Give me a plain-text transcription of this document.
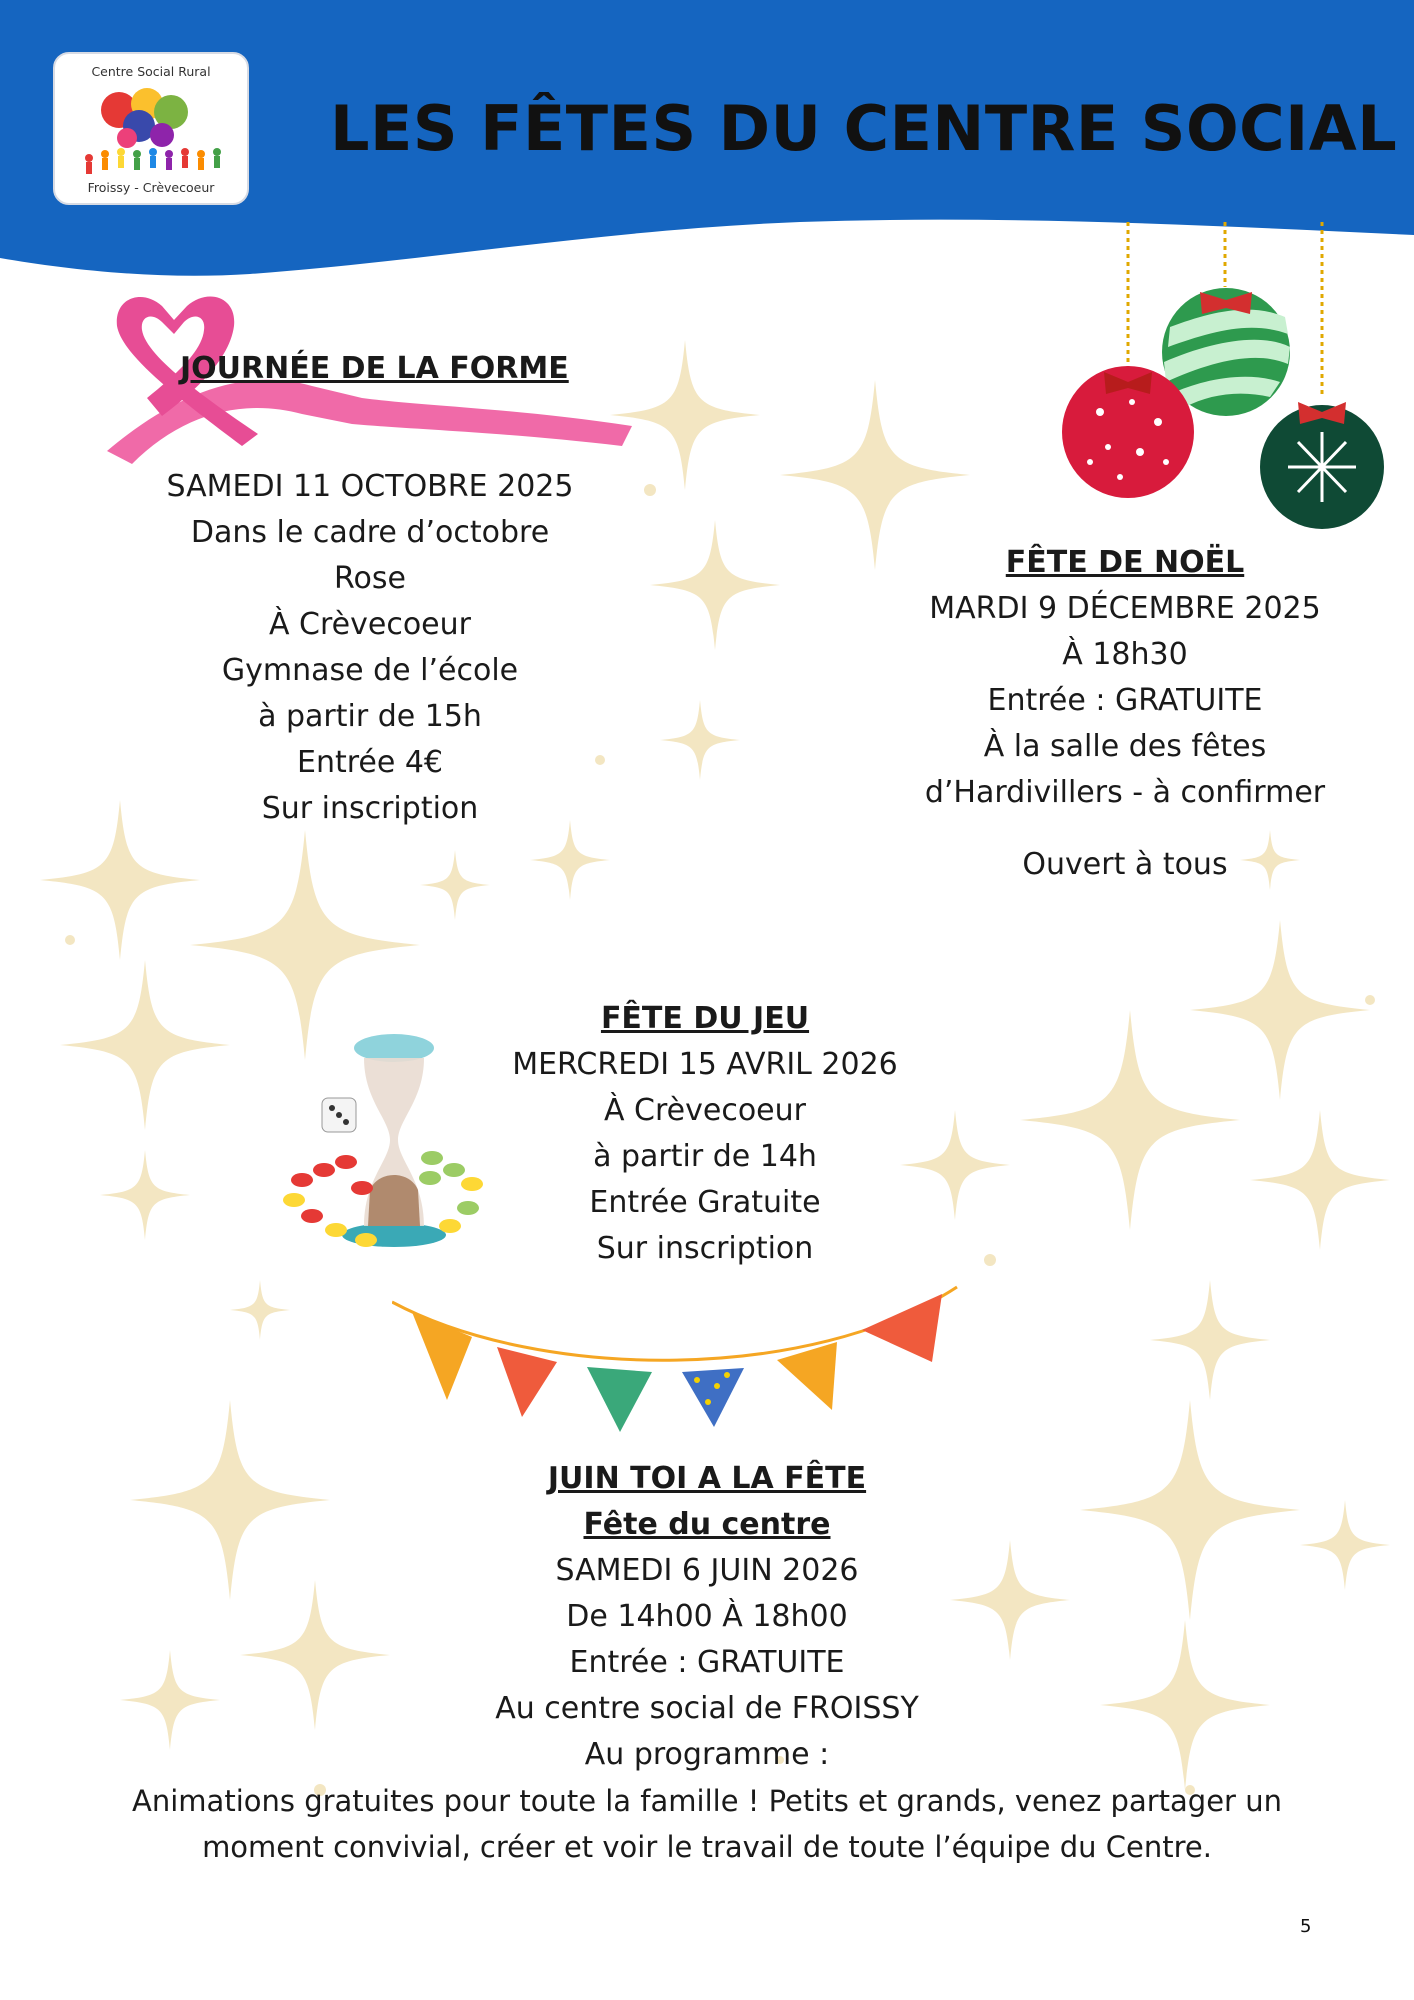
Centre Social Rural
Froissy - Crèvecoeur
LES FÊTES DU CENTRE SOCIAL
JOURNÉE DE LA FORME
SAMEDI 11 OCTOBRE 2025
Dans le cadre d’octobre
Rose
À Crèvecoeur
Gymnase de l’école
à partir de 15h
Entrée 4€
Sur inscription
FÊTE DE NOËL
MARDI 9 DÉCEMBRE 2025
À 18h30
Entrée : GRATUITE
À la salle des fêtes
d’Hardivillers - à confirmer
Ouvert à tous
FÊTE DU JEU
MERCREDI 15 AVRIL 2026
À Crèvecoeur
à partir de 14h
Entrée Gratuite
Sur inscription
JUIN TOI A LA FÊTE
Fête du centre
SAMEDI 6 JUIN 2026
De 14h00 À 18h00
Entrée : GRATUITE
Au centre social de FROISSY
Au programme :
Animations gratuites pour toute la famille ! Petits et grands, venez partager un
moment convivial, créer et voir le travail de toute l’équipe du Centre.
5
